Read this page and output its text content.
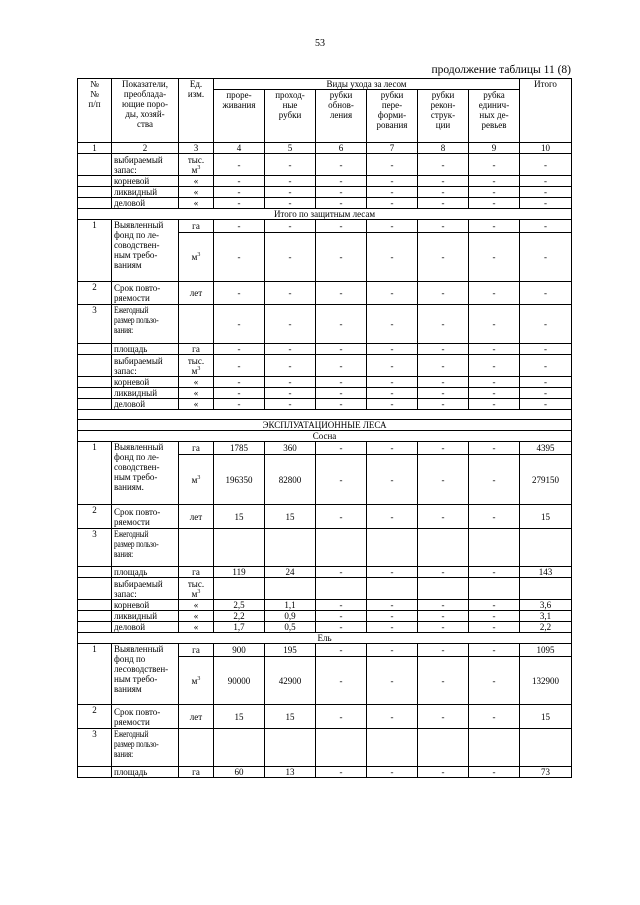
53
продолжение таблицы 11 (8)
№
№
п/п	Показатели,
преоблада-
ющие поро-
ды, хозяй-
ства	Ед.
изм.	Виды ухода за лесом						Итого
			прорe-
живания	проход-
ные
рубки	рубки
обнов-
ления	рубки
пере-
форми-
рования	рубки
рекон-
струк-
ции	рубка
единич-
ных де-
ревьев	
1	2	3	4	5	6	7	8	9	10
	выбираемый
запас:	тыс.
$м^3$	-	-	-	-	-	-	-
	корневой	«	-	-	-	-	-	-	-
	ликвидный	«	-	-	-	-	-	-	-
	деловой	«	-	-	-	-	-	-	-
Итого по защитным лесам									
1	Выявленный
фонд по ле-
соводствен-
ным требо-
ваниям	га	-	-	-	-	-	-	-
		$м^3$	-	-	-	-	-	-	-
2	Срок повто-
ряемости	лет	-	-	-	-	-	-	-
3	Ежегодный
размер пользо-
вания:		-	-	-	-	-	-	-
	площадь	га	-	-	-	-	-	-	-
	выбираемый
запас:	тыс.
$м^3$	-	-	-	-	-	-	-
	корневой	«	-	-	-	-	-	-	-
	ликвидный	«	-	-	-	-	-	-	-
	деловой	«	-	-	-	-	-	-	-

ЭКСПЛУАТАЦИОННЫЕ ЛЕСА									
Сосна									
1	Выявленный
фонд по ле-
соводствен-
ным требо-
ваниям.	га	1785	360	-	-	-	-	4395
		$м^3$	196350	82800	-	-	-	-	279150
2	Срок повто-
ряемости	лет	15	15	-	-	-	-	15
3	Ежегодный
размер пользо-
вания:								
	площадь	га	119	24	-	-	-	-	143
	выбираемый
запас:	тыс.
$м^3$							
	корневой	«	2,5	1,1	-	-	-	-	3,6
	ликвидный	«	2,2	0,9	-	-	-	-	3,1
	деловой	«	1,7	0,5	-	-	-	-	2,2
Ель									
1	Выявленный
фонд по
лесоводствен-
ным требо-
ваниям	га	900	195	-	-	-	-	1095
		$м^3$	90000	42900	-	-	-	-	132900
2	Срок повто-
ряемости	лет	15	15	-	-	-	-	15
3	Ежегодный
размер пользо-
вания:								
	площадь	га	60	13	-	-	-	-	73
